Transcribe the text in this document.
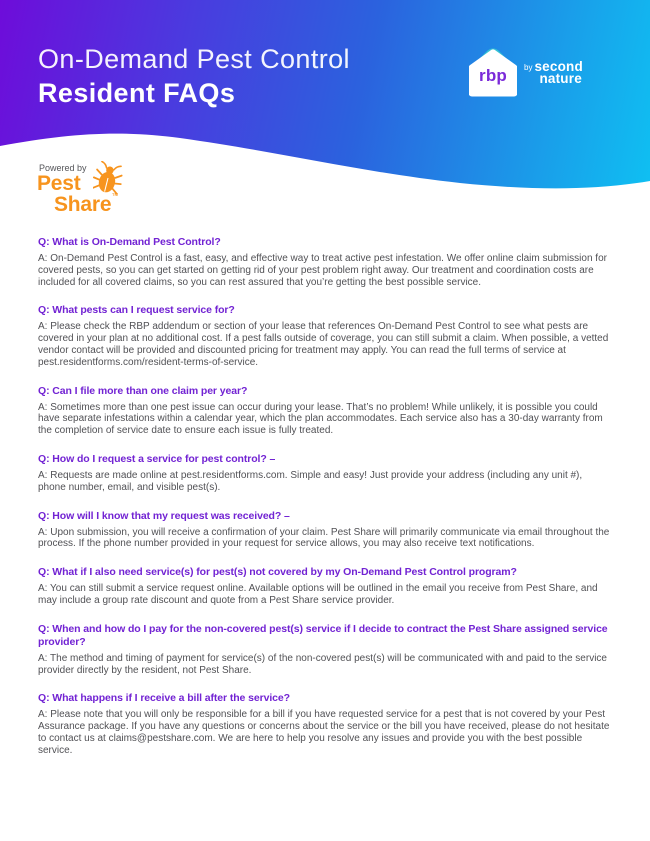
On-Demand Pest Control
Resident FAQs
rbp	by second
nature
Powered by
Pest
Share™
Q: What is On-Demand Pest Control?
A: On-Demand Pest Control is a fast, easy, and effective way to treat active pest infestation. We offer online claim submission for covered pests, so you can get started on getting rid of your pest problem right away. Our treatment and coordination costs are included for all covered claims, so you can rest assured that you’re getting the best possible service.
Q: What pests can I request service for?
A: Please check the RBP addendum or section of your lease that references On-Demand Pest Control to see what pests are covered in your plan at no additional cost. If a pest falls outside of coverage, you can still submit a claim. When possible, a vetted vendor contact will be provided and discounted pricing for treatment may apply. You can read the full terms of service at pest.residentforms.com/resident-terms-of-service.
Q: Can I file more than one claim per year?
A: Sometimes more than one pest issue can occur during your lease. That’s no problem! While unlikely, it is possible you could have separate infestations within a calendar year, which the plan accommodates. Each service also has a 30-day warranty from the completion of service date to ensure each issue is fully treated.
Q: How do I request a service for pest control? –
A: Requests are made online at pest.residentforms.com. Simple and easy! Just provide your address (including any unit #), phone number, email, and visible pest(s).
Q: How will I know that my request was received? –
A: Upon submission, you will receive a confirmation of your claim. Pest Share will primarily communicate via email throughout the process. If the phone number provided in your request for service allows, you may also receive text notifications.
Q: What if I also need service(s) for pest(s) not covered by my On-Demand Pest Control program?
A: You can still submit a service request online. Available options will be outlined in the email you receive from Pest Share, and may include a group rate discount and quote from a Pest Share service provider.
Q: When and how do I pay for the non-covered pest(s) service if I decide to contract the Pest Share assigned service provider?
A: The method and timing of payment for service(s) of the non-covered pest(s) will be communicated with and paid to the service provider directly by the resident, not Pest Share.
Q: What happens if I receive a bill after the service?
A: Please note that you will only be responsible for a bill if you have requested service for a pest that is not covered by your Pest Assurance package. If you have any questions or concerns about the service or the bill you have received, please do not hesitate to contact us at claims@pestshare.com. We are here to help you resolve any issues and provide you with the best possible service.
